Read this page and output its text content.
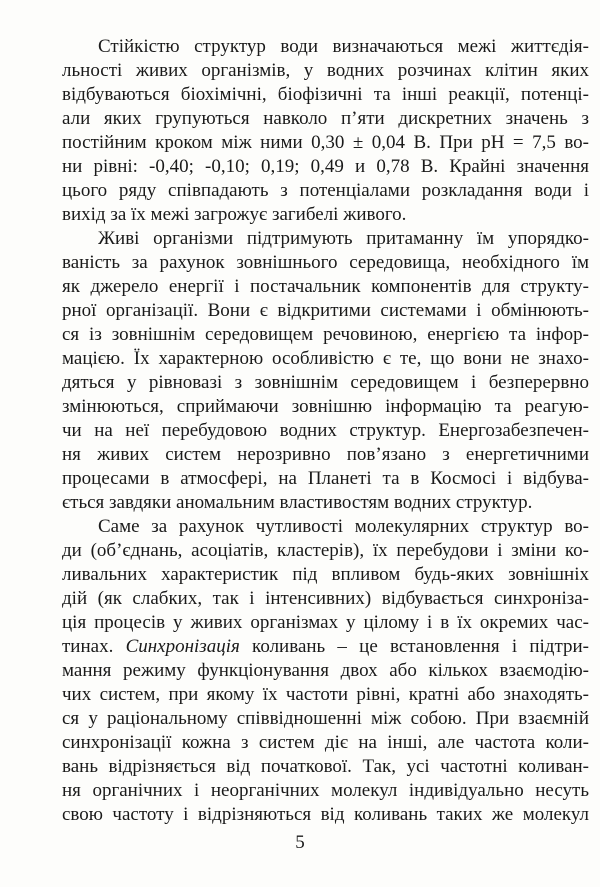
Стійкістю структур води визначаються межі життєдія-
льності живих організмів, у водних розчинах клітин яких
відбуваються біохімічні, біофізичні та інші реакції, потенці-
али яких групуються навколо п’яти дискретних значень з
постійним кроком між ними 0,30 ± 0,04 В. При pH = 7,5 во-
ни рівні: -0,40; -0,10; 0,19; 0,49 и 0,78 В. Крайні значення
цього ряду співпадають з потенціалами розкладання води і
вихід за їх межі загрожує загибелі живого.
Живі організми підтримують притаманну їм упорядко-
ваність за рахунок зовнішнього середовища, необхідного їм
як джерело енергії і постачальник компонентів для структу-
рної організації. Вони є відкритими системами і обмінюють-
ся із зовнішнім середовищем речовиною, енергією та інфор-
мацією. Їх характерною особливістю є те, що вони не знахо-
дяться у рівновазі з зовнішнім середовищем і безперервно
змінюються, сприймаючи зовнішню інформацію та реагую-
чи на неї перебудовою водних структур. Енергозабезпечен-
ня живих систем нерозривно пов’язано з енергетичними
процесами в атмосфері, на Планеті та в Космосі і відбува-
ється завдяки аномальним властивостям водних структур.
Саме за рахунок чутливості молекулярних структур во-
ди (об’єднань, асоціатів, кластерів), їх перебудови і зміни ко-
ливальних характеристик під впливом будь-яких зовнішніх
дій (як слабких, так і інтенсивних) відбувається синхроніза-
ція процесів у живих організмах у цілому і в їх окремих час-
тинах. Синхронізація коливань – це встановлення і підтри-
мання режиму функціонування двох або кількох взаємодію-
чих систем, при якому їх частоти рівні, кратні або знаходять-
ся у раціональному співвідношенні між собою. При взаємній
синхронізації кожна з систем діє на інші, але частота коли-
вань відрізняється від початкової. Так, усі частотні коливан-
ня органічних і неорганічних молекул індивідуально несуть
свою частоту і відрізняються від коливань таких же молекул
5
